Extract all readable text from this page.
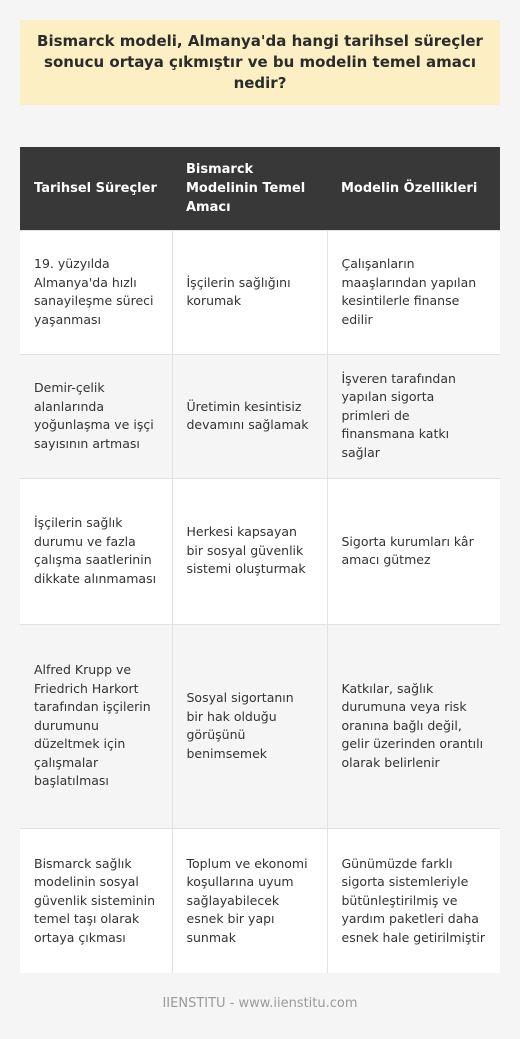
Bismarck modeli, Almanya'da hangi tarihsel süreçler sonucu ortaya çıkmıştır ve bu modelin temel amacı nedir?
Tarihsel Süreçler	Bismarck Modelinin Temel Amacı	Modelin Özellikleri
19. yüzyılda Almanya'da hızlı sanayileşme süreci yaşanması	İşçilerin sağlığını korumak	Çalışanların maaşlarından yapılan kesintilerle finanse edilir
Demir-çelik alanlarında yoğunlaşma ve işçi sayısının artması	Üretimin kesintisiz devamını sağlamak	İşveren tarafından yapılan sigorta primleri de finansmana katkı sağlar
İşçilerin sağlık durumu ve fazla çalışma saatlerinin dikkate alınmaması	Herkesi kapsayan bir sosyal güvenlik sistemi oluşturmak	Sigorta kurumları kâr amacı gütmez
Alfred Krupp ve Friedrich Harkort tarafından işçilerin durumunu düzeltmek için çalışmalar başlatılması	Sosyal sigortanın bir hak olduğu görüşünü benimsemek	Katkılar, sağlık durumuna veya risk oranına bağlı değil, gelir üzerinden orantılı olarak belirlenir
Bismarck sağlık modelinin sosyal güvenlik sisteminin temel taşı olarak ortaya çıkması	Toplum ve ekonomi koşullarına uyum sağlayabilecek esnek bir yapı sunmak	Günümüzde farklı sigorta sistemleriyle bütünleştirilmiş ve yardım paketleri daha esnek hale getirilmiştir
IIENSTITU - www.iienstitu.com
